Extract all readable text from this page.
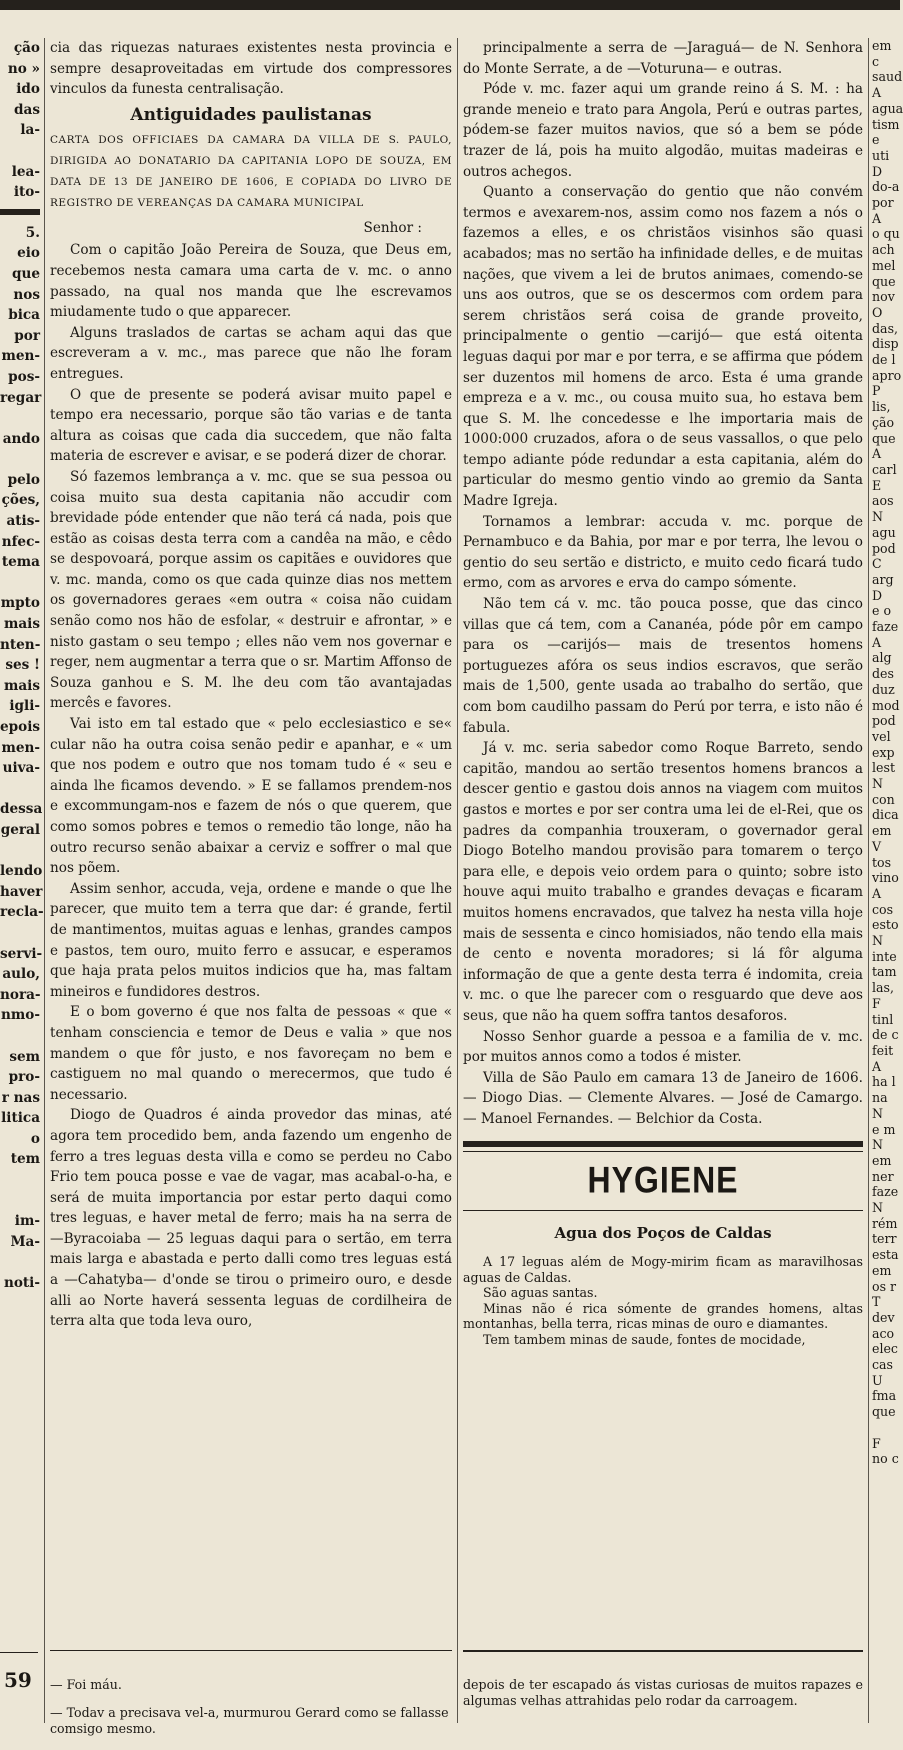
ção
no »
ido
das
la-

lea-
ito-
5.
eio
que
nos
bica
por
men-
pos-
regar

ando

pelo
ções,
atis-
nfec-
tema

mpto
mais
nten-
ses !
mais
igli-
epois
men-
uiva-

dessa
geral

lendo
haver
recla-

servi-
aulo,
nora-
nmo-

sem
pro-
r nas
litica
o tem

im-
Ma-

noti-
59

cia das riquezas naturaes existentes nesta provincia e sempre desaproveitadas em virtude dos compressores vinculos da funesta centralisação.

Antiguidades paulistanas
CARTA DOS OFFICIAES DA CAMARA DA VILLA DE S. PAULO, DIRIGIDA AO DONATARIO DA CAPITANIA LOPO DE SOUZA, EM DATA DE 13 DE JANEIRO DE 1606, E COPIADA DO LIVRO DE REGISTRO DE VEREANÇAS DA CAMARA MUNICIPAL
Senhor :

Com o capitão João Pereira de Souza, que Deus em, recebemos nesta camara uma carta de v. mc. o anno passado, na qual nos manda que lhe escrevamos miudamente tudo o que apparecer.

Alguns traslados de cartas se acham aqui das que escreveram a v. mc., mas parece que não lhe foram entregues.

O que de presente se poderá avisar muito papel e tempo era necessario, porque são tão varias e de tanta altura as coisas que cada dia succedem, que não falta materia de escrever e avisar, e se poderá dizer de chorar.

Só fazemos lembrança a v. mc. que se sua pessoa ou coisa muito sua desta capitania não accudir com brevidade póde entender que não terá cá nada, pois que estão as coisas desta terra com a candêa na mão, e cêdo se despovoará, porque assim os capitães e ouvidores que v. mc. manda, como os que cada quinze dias nos mettem os governadores geraes «em outra « coisa não cuidam senão como nos hão de esfolar, « destruir e afrontar, » e nisto gastam o seu tempo ; elles não vem nos governar e reger, nem augmentar a terra que o sr. Martim Affonso de Souza ganhou e S. M. lhe deu com tão avantajadas mercês e favores.

Vai isto em tal estado que « pelo ecclesiastico e se« cular não ha outra coisa senão pedir e apanhar, e « um que nos podem e outro que nos tomam tudo é « seu e ainda lhe ficamos devendo. » E se fallamos prendem-nos e excommungam-nos e fazem de nós o que querem, que como somos pobres e temos o remedio tão longe, não ha outro recurso senão abaixar a cerviz e soffrer o mal que nos põem.

Assim senhor, accuda, veja, ordene e mande o que lhe parecer, que muito tem a terra que dar: é grande, fertil de mantimentos, muitas aguas e lenhas, grandes campos e pastos, tem ouro, muito ferro e assucar, e esperamos que haja prata pelos muitos indicios que ha, mas faltam mineiros e fundidores destros.

E o bom governo é que nos falta de pessoas « que « tenham consciencia e temor de Deus e valia » que nos mandem o que fôr justo, e nos favoreçam no bem e castiguem no mal quando o merecermos, que tudo é necessario.

Diogo de Quadros é ainda provedor das minas, até agora tem procedido bem, anda fazendo um engenho de ferro a tres leguas desta villa e como se perdeu no Cabo Frio tem pouca posse e vae de vagar, mas acabal-o-ha, e será de muita importancia por estar perto daqui como tres leguas, e haver metal de ferro; mais ha na serra de —Byracoiaba — 25 leguas daqui para o sertão, em terra mais larga e abastada e perto dalli como tres leguas está a —Cahatyba— d'onde se tirou o primeiro ouro, e desde alli ao Norte haverá sessenta leguas de cordilheira de terra alta que toda leva ouro,

— Foi máu.

— Todav a precisava vel-a, murmurou Gerard como se fallasse comsigo mesmo.

principalmente a serra de —Jaraguá— de N. Senhora do Monte Serrate, a de —Voturuna— e outras.

Póde v. mc. fazer aqui um grande reino á S. M. : ha grande meneio e trato para Angola, Perú e outras partes, pódem-se fazer muitos navios, que só a bem se póde trazer de lá, pois ha muito algodão, muitas madeiras e outros achegos.

Quanto a conservação do gentio que não convém termos e avexarem-nos, assim como nos fazem a nós o fazemos a elles, e os christãos visinhos são quasi acabados; mas no sertão ha infinidade delles, e de muitas nações, que vivem a lei de brutos animaes, comendo-se uns aos outros, que se os descermos com ordem para serem christãos será coisa de grande proveito, principalmente o gentio —carijó— que está oitenta leguas daqui por mar e por terra, e se affirma que pódem ser duzentos mil homens de arco. Esta é uma grande empreza e a v. mc., ou cousa muito sua, ho estava bem que S. M. lhe concedesse e lhe importaria mais de 1000:000 cruzados, afora o de seus vassallos, o que pelo tempo adiante póde redundar a esta capitania, além do particular do mesmo gentio vindo ao gremio da Santa Madre Igreja.

Tornamos a lembrar: accuda v. mc. porque de Pernambuco e da Bahia, por mar e por terra, lhe levou o gentio do seu sertão e districto, e muito cedo ficará tudo ermo, com as arvores e erva do campo sómente.

Não tem cá v. mc. tão pouca posse, que das cinco villas que cá tem, com a Cananéa, póde pôr em campo para os —carijós— mais de tresentos homens portuguezes afóra os seus indios escravos, que serão mais de 1,500, gente usada ao trabalho do sertão, que com bom caudilho passam do Perú por terra, e isto não é fabula.

Já v. mc. seria sabedor como Roque Barreto, sendo capitão, mandou ao sertão tresentos homens brancos a descer gentio e gastou dois annos na viagem com muitos gastos e mortes e por ser contra uma lei de el-Rei, que os padres da companhia trouxeram, o governador geral Diogo Botelho mandou provisão para tomarem o terço para elle, e depois veio ordem para o quinto; sobre isto houve aqui muito trabalho e grandes devaças e ficaram muitos homens encravados, que talvez ha nesta villa hoje mais de sessenta e cinco homisiados, não tendo ella mais de cento e noventa moradores; si lá fôr alguma informação de que a gente desta terra é indomita, creia v. mc. o que lhe parecer com o resguardo que deve aos seus, que não ha quem soffra tantos desaforos.

Nosso Senhor guarde a pessoa e a familia de v. mc. por muitos annos como a todos é mister.

Villa de São Paulo em camara 13 de Janeiro de 1606. — Diogo Dias. — Clemente Alvares. — José de Camargo. — Manoel Fernandes. — Belchior da Costa.

HYGIENE
Agua dos Poços de Caldas

A 17 leguas além de Mogy-mirim ficam as maravilhosas aguas de Caldas.

São aguas santas.

Minas não é rica sómente de grandes homens, altas montanhas, bella terra, ricas minas de ouro e diamantes.

Tem tambem minas de saude, fontes de mocidade,

depois de ter escapado ás vistas curiosas de muitos rapazes e algumas velhas attrahidas pelo rodar da carroagem.

em c
saud
A
agua
tism
e uti
D
do-a
por
A
o qu
ach
mel
que
nov
O
das,
disp
de l
apro
P
lis,
ção
que
A
carl
E
aos
N
agu
pod
C
arg
D
e o
faze
A
alg
des
duz
mod
pod
vel
exp
lest
N
con
dica
em
V
tos
vino
A
cos
esto
N
inte
tam
las,
F
tinl
de c
feit
A
ha l
na
N
e m
N
em
ner
faze
N
rém
terr
esta
em
os r
T
dev
aco
elec
cas
U
fma
que

F
no c
